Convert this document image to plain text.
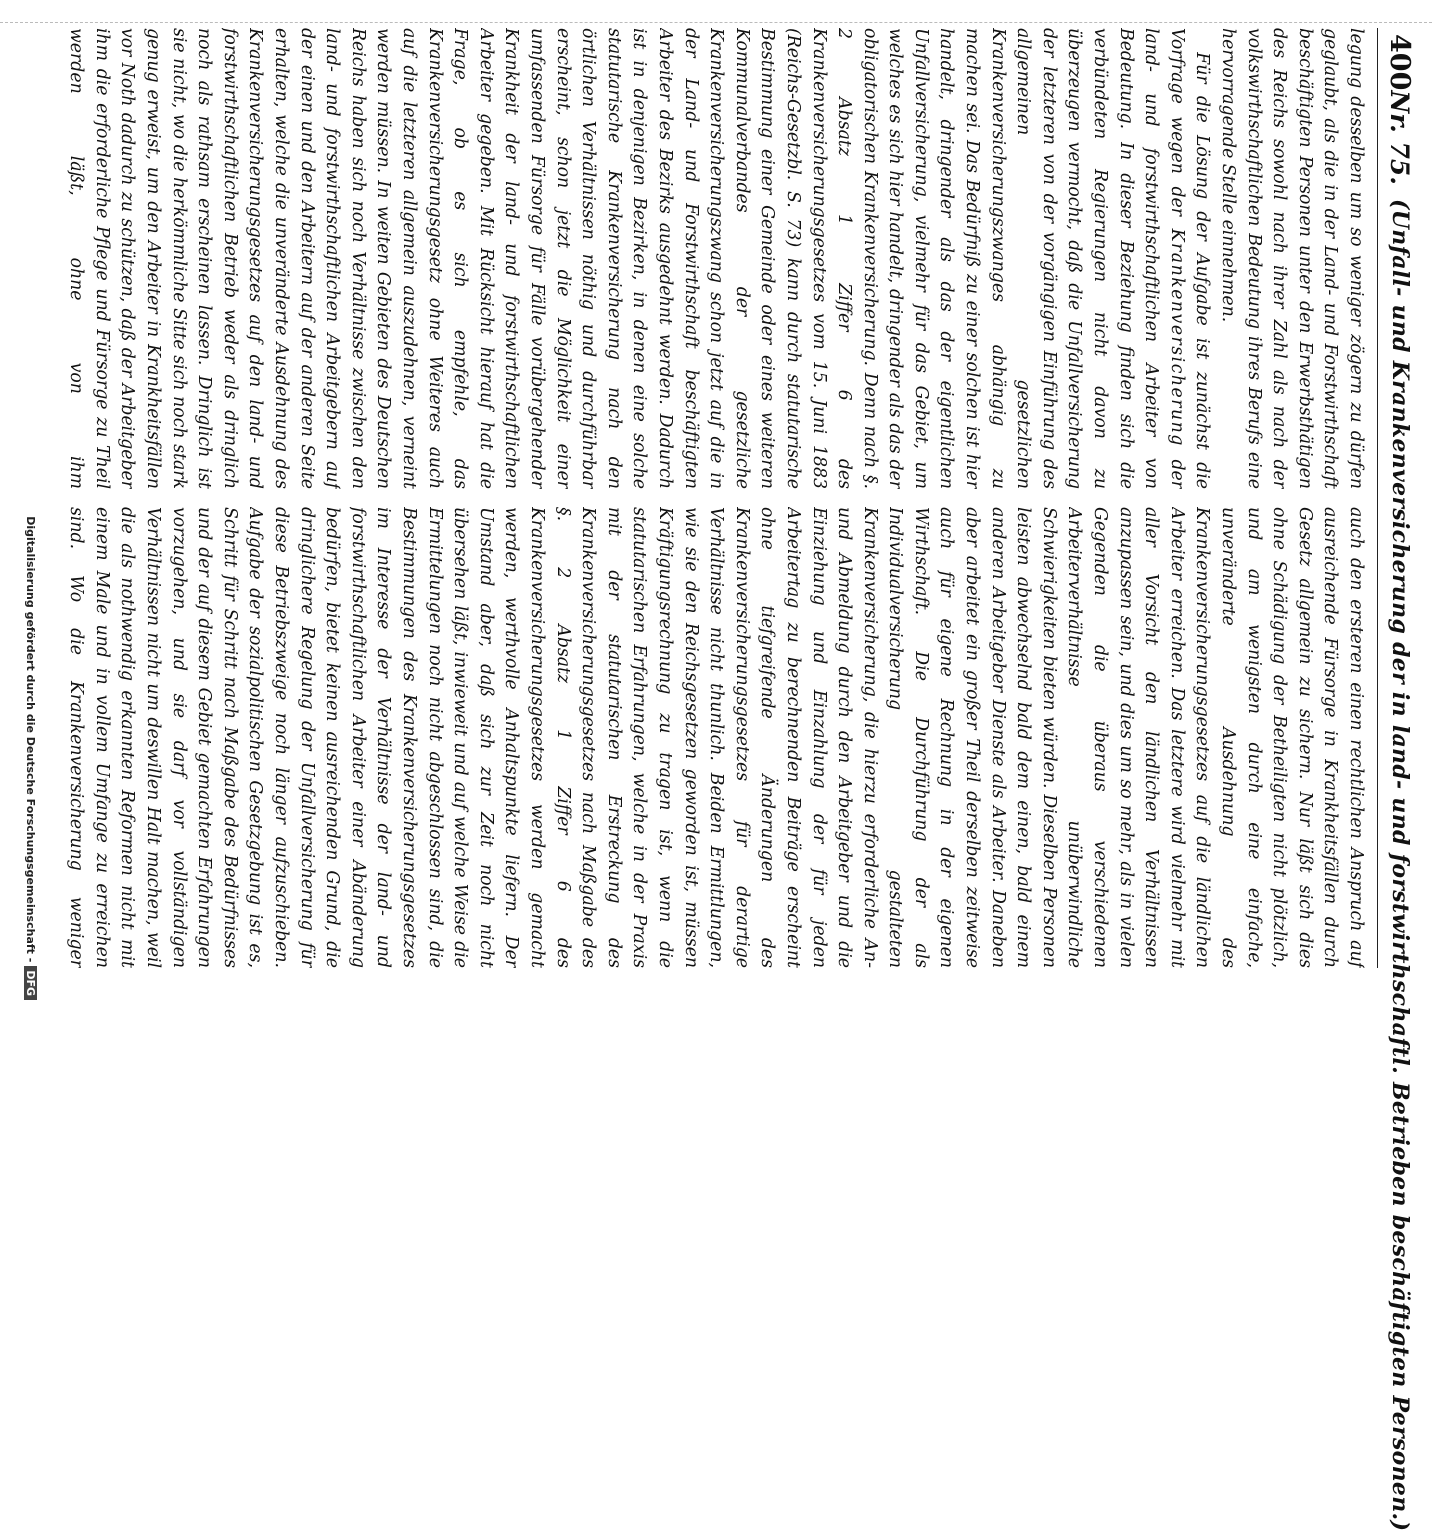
400
Nr. 75.
(Unfall- und Krankenversicherung der in land- und forstwirthschaftl. Betrieben beschäftigten Personen.)

legung desselben um so weniger zögern zu dürfen geglaubt, als die in der Land- und Forstwirthschaft beschäftigten Personen unter den Erwerbsthätigen des Reichs sowohl nach ihrer Zahl als nach der volkswirthschaftlichen Bedeutung ihres Berufs eine hervorragende Stelle einnehmen.

Für die Lösung der Aufgabe ist zunächst die Vorfrage wegen der Krankenversicherung der land- und forstwirthschaftlichen Arbeiter von Bedeutung. In dieser Beziehung finden sich die verbündeten Regierungen nicht davon zu überzeugen vermocht, daß die Unfallversicherung der letzteren von der vorgängigen Einführung des allgemeinen gesetzlichen Krankenversicherungszwanges abhängig zu machen sei. Das Bedürfniß zu einer solchen ist hier handelt, dringender als das der eigentlichen Unfallversicherung, vielmehr für das Gebiet, um welches es sich hier handelt, dringender als das der obligatorischen Krankenversicherung. Denn nach §. 2 Absatz 1 Ziffer 6 des Krankenversicherungsgesetzes vom 15. Juni 1883 (Reichs-Gesetzbl. S. 73) kann durch statutarische Bestimmung einer Gemeinde oder eines weiteren Kommunalverbandes der gesetzliche Krankenversicherungszwang schon jetzt auf die in der Land- und Forstwirthschaft beschäftigten Arbeiter des Bezirks ausgedehnt werden. Dadurch ist in denjenigen Bezirken, in denen eine solche statutarische Krankenversicherung nach den örtlichen Verhältnissen nöthig und durchführbar erscheint, schon jetzt die Möglichkeit einer umfassenden Fürsorge für Fälle vorübergehender Krankheit der land- und forstwirthschaftlichen Arbeiter gegeben. Mit Rücksicht hierauf hat die Frage, ob es sich empfehle, das Krankenversicherungsgesetz ohne Weiteres auch auf die letzteren allgemein auszudehnen, verneint werden müssen. In weiten Gebieten des Deutschen Reichs haben sich noch Verhältnisse zwischen den land- und forstwirthschaftlichen Arbeitgebern auf der einen und den Arbeitern auf der anderen Seite erhalten, welche die unveränderte Ausdehnung des Krankenversicherungsgesetzes auf den land- und forstwirthschaftlichen Betrieb weder als dringlich noch als rathsam erscheinen lassen. Dringlich ist sie nicht, wo die herkömmliche Sitte sich noch stark genug erweist, um den Arbeiter in Krankheitsfällen vor Noth dadurch zu schützen, daß der Arbeitgeber ihm die erforderliche Pflege und Fürsorge zu Theil werden läßt, ohne von ihm

auch den ersteren einen rechtlichen Anspruch auf ausreichende Fürsorge in Krankheitsfällen durch Gesetz allgemein zu sichern. Nur läßt sich dies ohne Schädigung der Betheiligten nicht plötzlich, und am wenigsten durch eine einfache, unveränderte Ausdehnung des Krankenversicherungsgesetzes auf die ländlichen Arbeiter erreichen. Das letztere wird vielmehr mit aller Vorsicht den ländlichen Verhältnissen anzupassen sein, und dies um so mehr, als in vielen Gegenden die überaus verschiedenen Arbeiterverhältnisse unüberwindliche Schwierigkeiten bieten würden. Dieselben Personen leisten abwechselnd bald dem einen, bald einem anderen Arbeitgeber Dienste als Arbeiter. Daneben aber arbeitet ein großer Theil derselben zeitweise auch für eigene Rechnung in der eigenen Wirthschaft. Die Durchführung der als Individualversicherung gestalteten Krankenversicherung, die hierzu erforderliche An- und Abmeldung durch den Arbeitgeber und die Einziehung und Einzahlung der für jeden Arbeitertag zu berechnenden Beiträge erscheint ohne tiefgreifende Änderungen des Krankenversicherungsgesetzes für derartige Verhältnisse nicht thunlich. Beiden Ermittlungen, wie sie den Reichsgesetzen geworden ist, müssen Kräftigungsrechnung zu tragen ist, wenn die statutarischen Erfahrungen, welche in der Praxis mit der statutarischen Erstreckung des Krankenversicherungsgesetzes nach Maßgabe des §. 2 Absatz 1 Ziffer 6 des Krankenversicherungsgesetzes werden gemacht werden, werthvolle Anhaltspunkte liefern. Der Umstand aber, daß sich zur Zeit noch nicht übersehen läßt, inwieweit und auf welche Weise die Ermittelungen noch nicht abgeschlossen sind, die Bestimmungen des Krankenversicherungsgesetzes im Interesse der Verhältnisse der land- und forstwirthschaftlichen Arbeiter einer Abänderung bedürfen, bietet keinen ausreichenden Grund, die dringlichere Regelung der Unfallversicherung für diese Betriebszweige noch länger aufzuschieben. Aufgabe der sozialpolitischen Gesetzgebung ist es, Schritt für Schritt nach Maßgabe des Bedürfnisses und der auf diesem Gebiet gemachten Erfahrungen vorzugehen, und sie darf vor vollständigen Verhältnissen nicht um deswillen Halt machen, weil die als nothwendig erkannten Reformen nicht mit einem Male und in vollem Umfange zu erreichen sind. Wo die Krankenversicherung weniger

Digitalisierung gefördert durch die Deutsche Forschungsgemeinschaft -DFG
